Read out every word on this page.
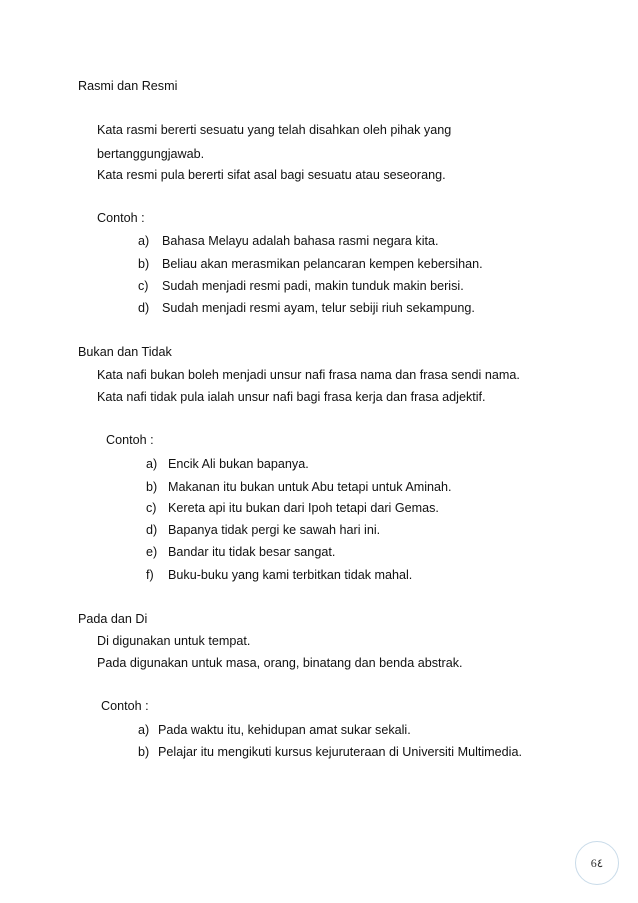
Rasmi dan Resmi
Kata rasmi bererti sesuatu yang telah disahkan oleh pihak yang
bertanggungjawab.
Kata resmi pula bererti sifat asal bagi sesuatu atau seseorang.
Contoh :
a) Bahasa Melayu adalah bahasa rasmi negara kita.
b) Beliau akan merasmikan pelancaran kempen kebersihan.
c) Sudah menjadi resmi padi, makin tunduk makin berisi.
d) Sudah menjadi resmi ayam, telur sebiji riuh sekampung.
Bukan dan Tidak
Kata nafi bukan boleh menjadi unsur nafi frasa nama dan frasa sendi nama.
Kata nafi tidak pula ialah unsur nafi bagi frasa kerja dan frasa adjektif.
Contoh :
a) Encik Ali bukan bapanya.
b) Makanan itu bukan untuk Abu tetapi untuk Aminah.
c) Kereta api itu bukan dari Ipoh tetapi dari Gemas.
d) Bapanya tidak pergi ke sawah hari ini.
e) Bandar itu tidak besar sangat.
f) Buku-buku yang kami terbitkan tidak mahal.
Pada dan Di
Di digunakan untuk tempat.
Pada digunakan untuk masa, orang, binatang dan benda abstrak.
Contoh :
a) Pada waktu itu, kehidupan amat sukar sekali.
b) Pelajar itu mengikuti kursus kejuruteraan di Universiti Multimedia.
6٤
